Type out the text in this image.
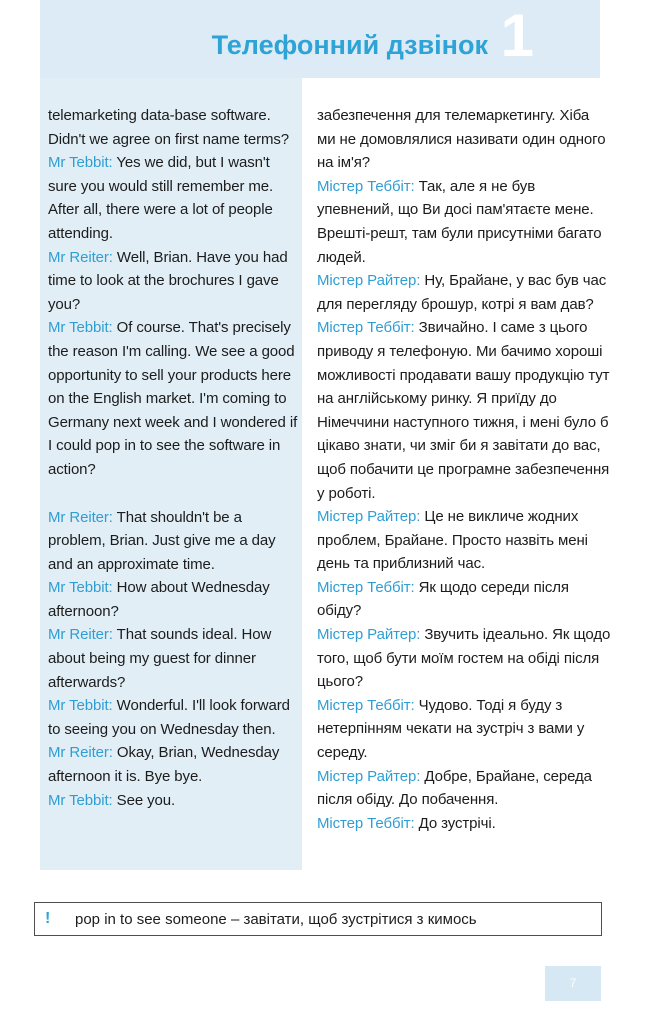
Телефонний дзвінок 1

telemarketing data-base software. Didn't we agree on first name terms?

Mr Tebbit: Yes we did, but I wasn't sure you would still remember me. After all, there were a lot of people attending.

Mr Reiter: Well, Brian. Have you had time to look at the brochures I gave you?

Mr Tebbit: Of course. That's precisely the reason I'm calling. We see a good opportunity to sell your products here on the English market. I'm coming to Germany next week and I wondered if I could pop in to see the software in action?

Mr Reiter: That shouldn't be a problem, Brian. Just give me a day and an approximate time.

Mr Tebbit: How about Wednesday afternoon?

Mr Reiter: That sounds ideal. How about being my guest for dinner afterwards?

Mr Tebbit: Wonderful. I'll look forward to seeing you on Wednesday then.

Mr Reiter: Okay, Brian, Wednesday afternoon it is. Bye bye.

Mr Tebbit: See you.

забезпечення для телемаркетингу. Хіба ми не домовлялися називати один одного на ім'я?

Містер Теббіт: Так, але я не був упевнений, що Ви досі пам'ятаєте мене. Врешті-решт, там були присутніми багато людей.

Містер Райтер: Ну, Брайане, у вас був час для перегляду брошур, котрі я вам дав?

Містер Теббіт: Звичайно. І саме з цього приводу я телефоную. Ми бачимо хороші можливості продавати вашу продукцію тут на англійському ринку. Я приїду до Німеччини наступного тижня, і мені було б цікаво знати, чи зміг би я завітати до вас, щоб побачити це програмне забезпечення у роботі.

Містер Райтер: Це не викличе жодних проблем, Брайане. Просто назвіть мені день та приблизний час.

Містер Теббіт: Як щодо середи після обіду?

Містер Райтер: Звучить ідеально. Як щодо того, щоб бути моїм гостем на обіді після цього?

Містер Теббіт: Чудово. Тоді я буду з нетерпінням чекати на зустріч з вами у середу.

Містер Райтер: Добре, Брайане, середа після обіду. До побачення.

Містер Теббіт: До зустрічі.

! pop in to see someone – завітати, щоб зустрітися з кимось
7
